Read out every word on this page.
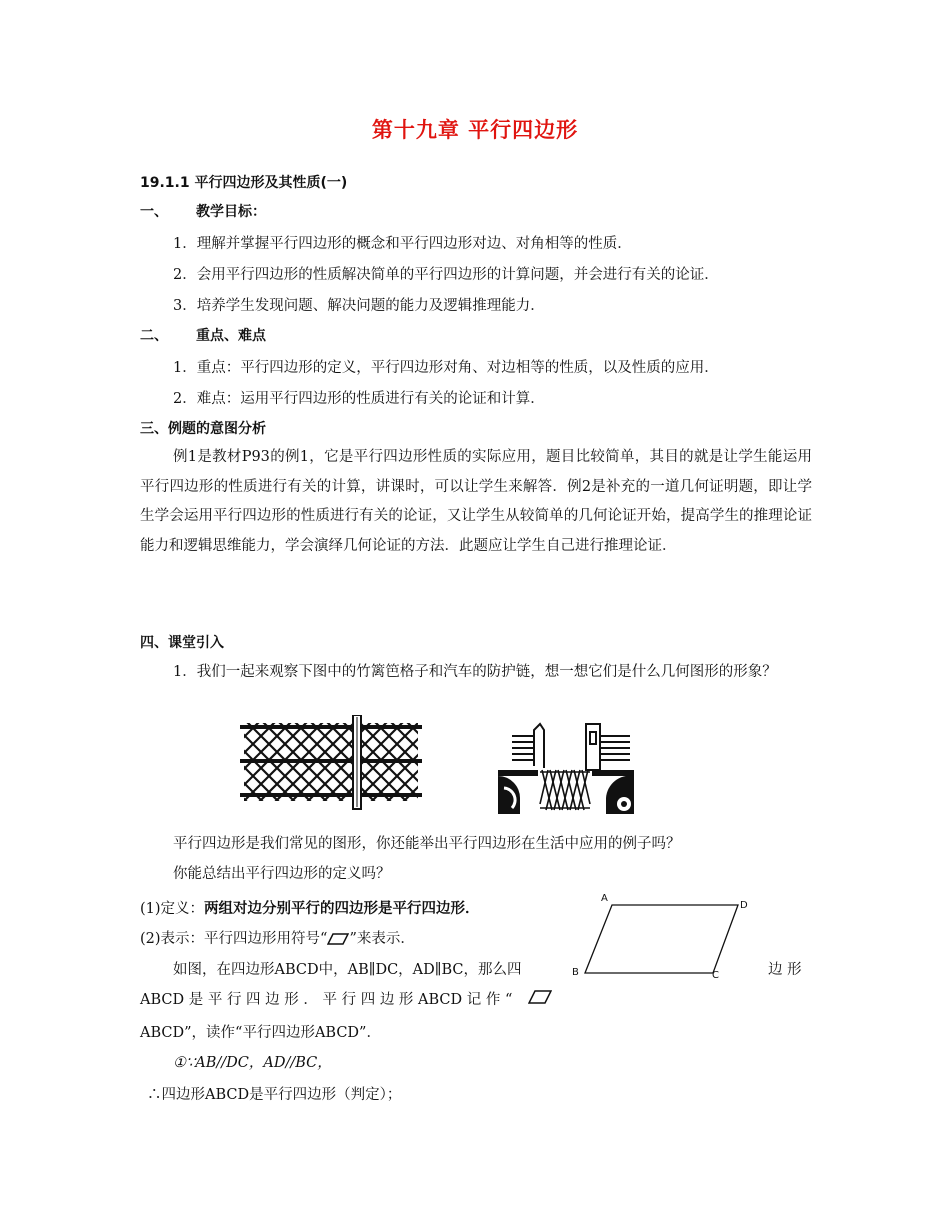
第十九章 平行四边形
19.1.1 平行四边形及其性质(一)
一、 教学目标：
1．理解并掌握平行四边形的概念和平行四边形对边、对角相等的性质．
2．会用平行四边形的性质解决简单的平行四边形的计算问题，并会进行有关的论证．
3．培养学生发现问题、解决问题的能力及逻辑推理能力．
二、 重点、难点
1．重点：平行四边形的定义，平行四边形对角、对边相等的性质，以及性质的应用．
2．难点：运用平行四边形的性质进行有关的论证和计算．
三、例题的意图分析
例1是教材P93的例1，它是平行四边形性质的实际应用，题目比较简单，其目的就是让学生能运用平行四边形的性质进行有关的计算，讲课时，可以让学生来解答．例2是补充的一道几何证明题，即让学生学会运用平行四边形的性质进行有关的论证，又让学生从较简单的几何论证开始，提高学生的推理论证能力和逻辑思维能力，学会演绎几何论证的方法．此题应让学生自己进行推理论证．
四、课堂引入
1．我们一起来观察下图中的竹篱笆格子和汽车的防护链，想一想它们是什么几何图形的形象？
平行四边形是我们常见的图形，你还能举出平行四边形在生活中应用的例子吗？
你能总结出平行四边形的定义吗？
(1)定义：两组对边分别平行的四边形是平行四边形．
(2)表示：平行四边形用符号“ ”来表示．
如图，在四边形ABCD中，AB∥DC，AD∥BC，那么四	边 形
ABCD 是 平 行 四 边 形 ． 平 行 四 边 形 ABCD 记 作 “
ABCD”，读作“平行四边形ABCD”．
①∵AB//DC，AD//BC，
∴四边形ABCD是平行四边形（判定）；
A
D
B	C
